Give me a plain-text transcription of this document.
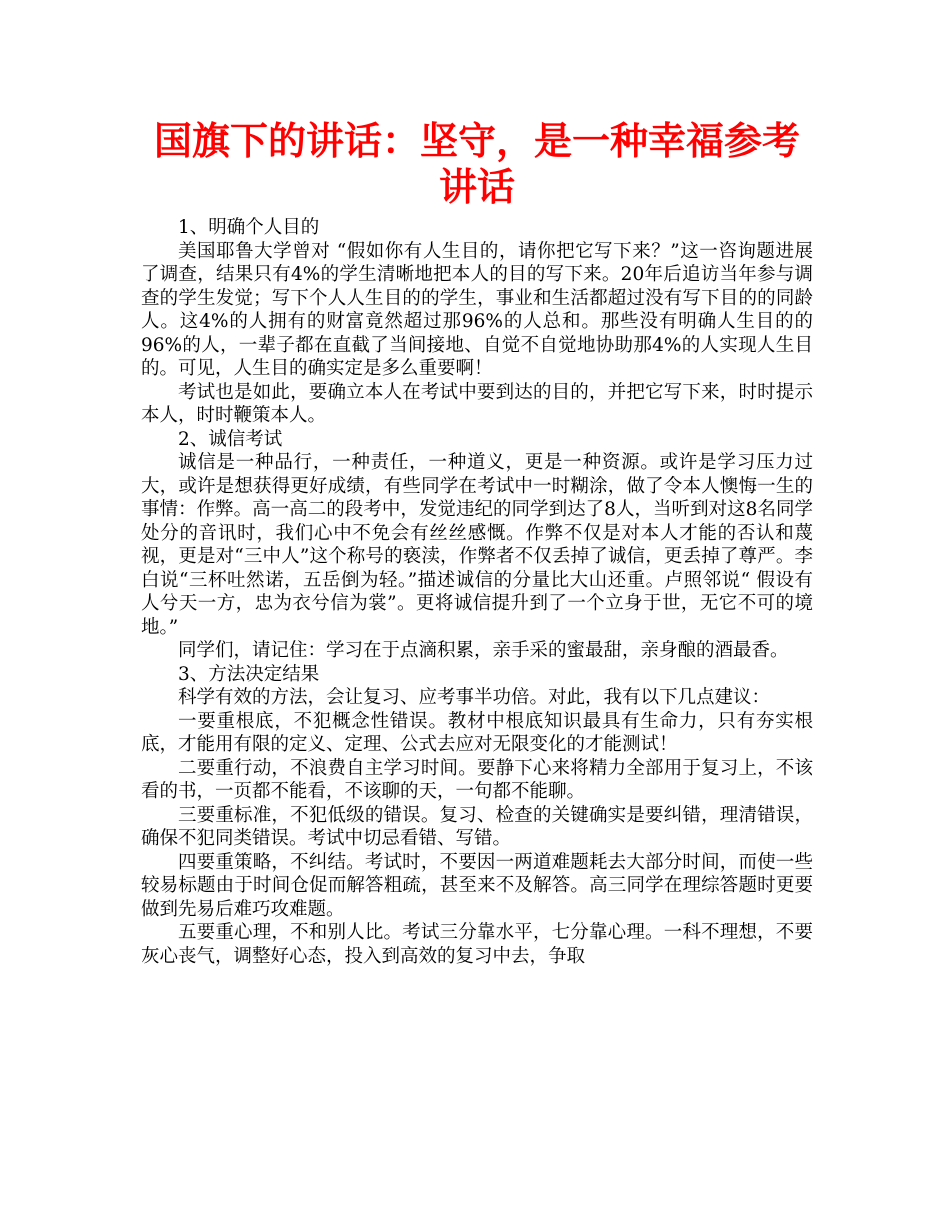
国旗下的讲话：坚守，是一种幸福参考讲话

1、明确个人目的

美国耶鲁大学曾对 “假如你有人生目的，请你把它写下来？”这一咨询题进展了调查，结果只有4%的学生清晰地把本人的目的写下来。20年后追访当年参与调查的学生发觉；写下个人人生目的的学生，事业和生活都超过没有写下目的的同龄人。这4%的人拥有的财富竟然超过那96%的人总和。那些没有明确人生目的的96%的人，一辈子都在直截了当间接地、自觉不自觉地协助那4%的人实现人生目的。可见，人生目的确实定是多么重要啊！

考试也是如此，要确立本人在考试中要到达的目的，并把它写下来，时时提示本人，时时鞭策本人。

2、诚信考试

诚信是一种品行，一种责任，一种道义，更是一种资源。或许是学习压力过大，或许是想获得更好成绩，有些同学在考试中一时糊涂，做了令本人懊悔一生的事情：作弊。高一高二的段考中，发觉违纪的同学到达了8人，当听到对这8名同学处分的音讯时，我们心中不免会有丝丝感慨。作弊不仅是对本人才能的否认和蔑视，更是对“三中人”这个称号的亵渎，作弊者不仅丢掉了诚信，更丢掉了尊严。李白说“三杯吐然诺，五岳倒为轻。”描述诚信的分量比大山还重。卢照邻说“ 假设有人兮天一方，忠为衣兮信为裳”。更将诚信提升到了一个立身于世，无它不可的境地。”

同学们，请记住：学习在于点滴积累，亲手采的蜜最甜，亲身酿的酒最香。

3、方法决定结果

科学有效的方法，会让复习、应考事半功倍。对此，我有以下几点建议：

一要重根底，不犯概念性错误。教材中根底知识最具有生命力，只有夯实根底，才能用有限的定义、定理、公式去应对无限变化的才能测试！

二要重行动，不浪费自主学习时间。要静下心来将精力全部用于复习上，不该看的书，一页都不能看，不该聊的天，一句都不能聊。

三要重标准，不犯低级的错误。复习、检查的关键确实是要纠错，理清错误，确保不犯同类错误。考试中切忌看错、写错。

四要重策略，不纠结。考试时，不要因一两道难题耗去大部分时间，而使一些较易标题由于时间仓促而解答粗疏，甚至来不及解答。高三同学在理综答题时更要做到先易后难巧攻难题。

五要重心理，不和别人比。考试三分靠水平，七分靠心理。一科不理想，不要灰心丧气，调整好心态，投入到高效的复习中去，争取
